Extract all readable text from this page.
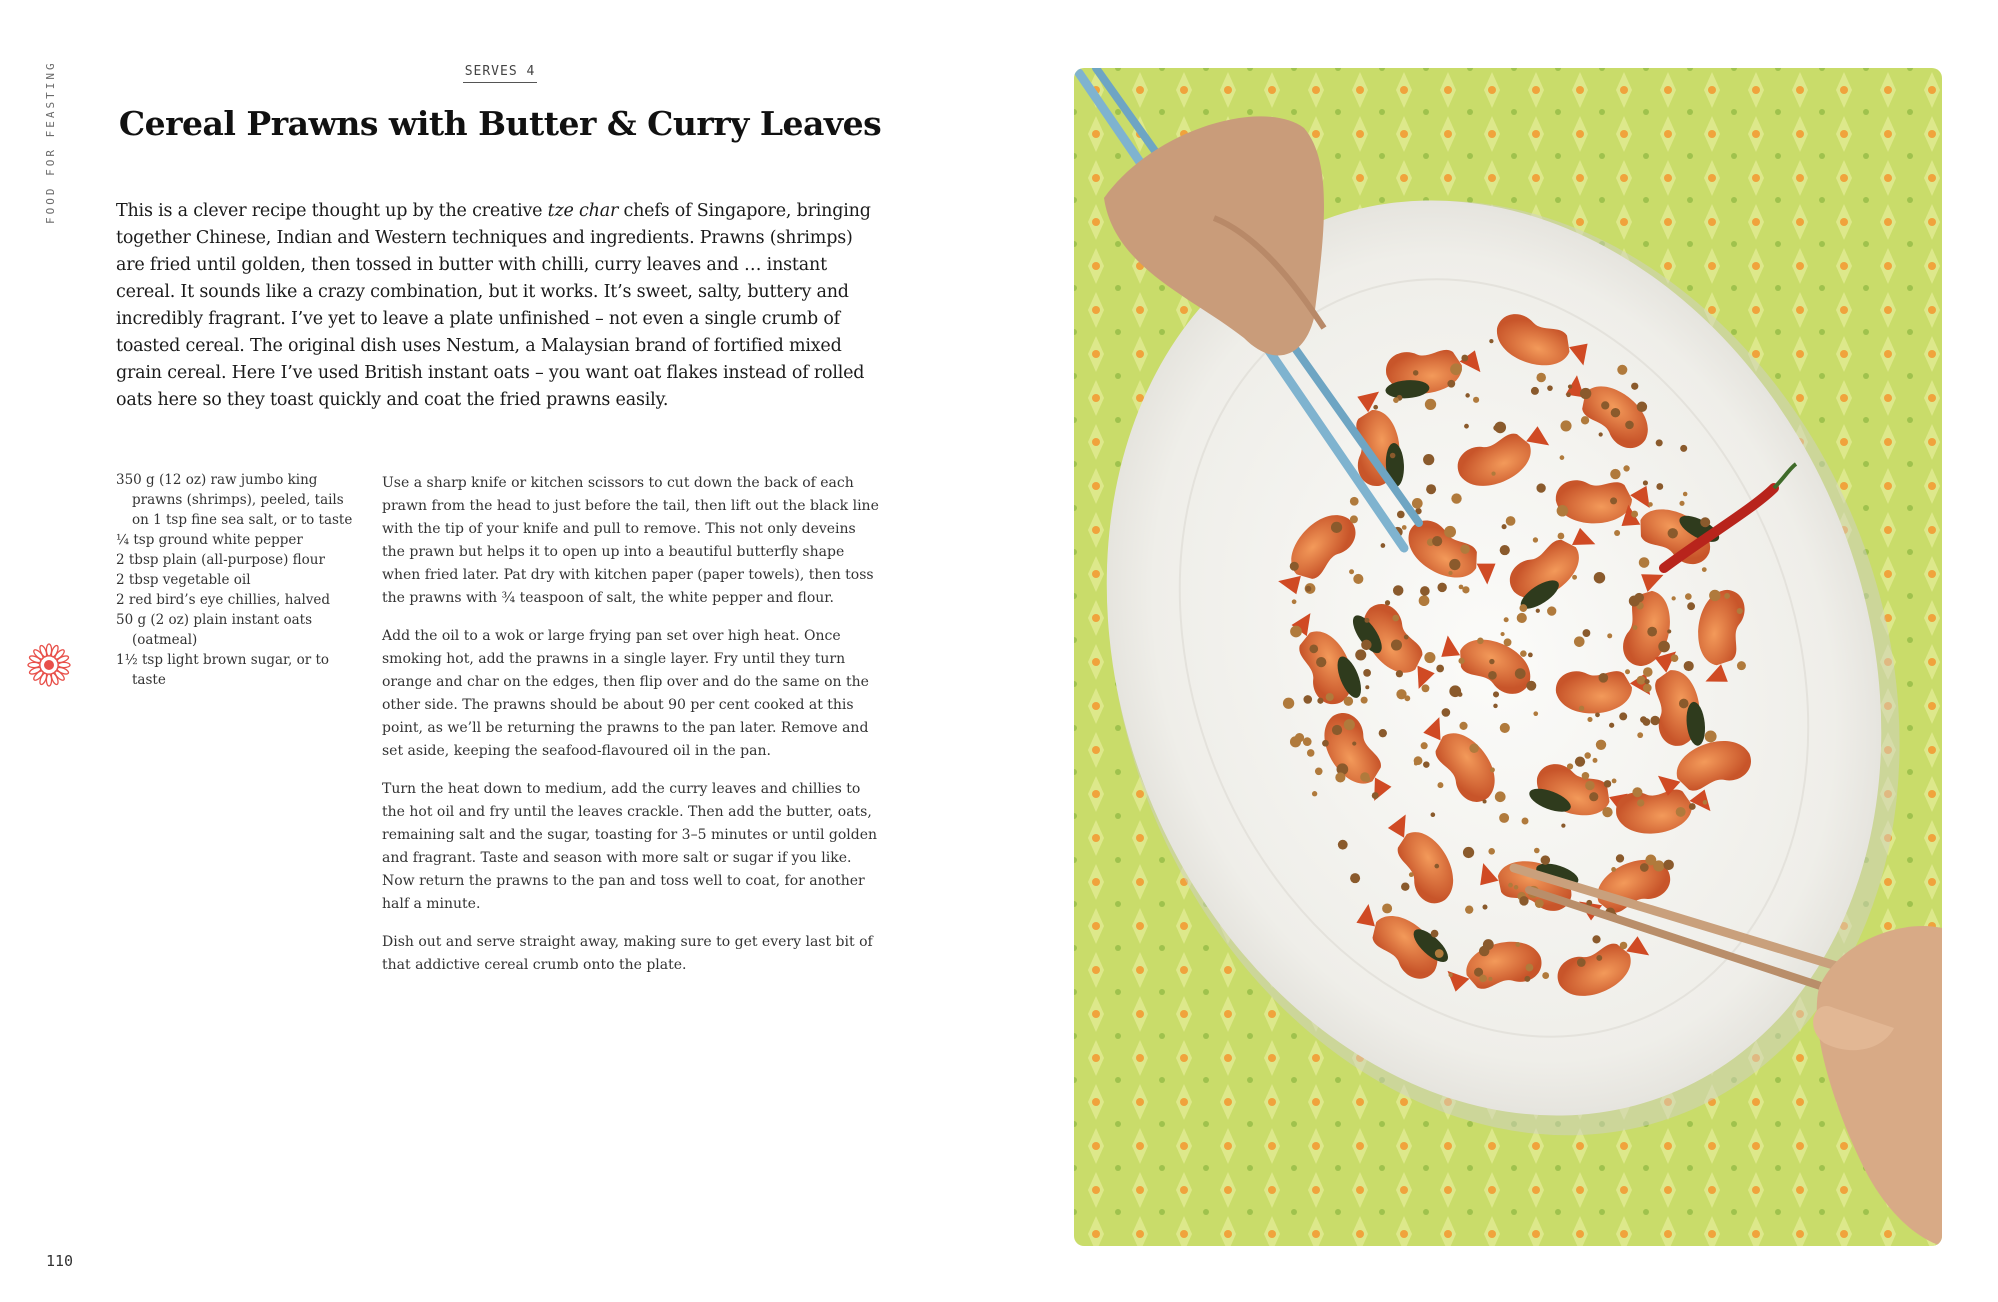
FOOD FOR FEASTING	SERVES 4
Cereal Prawns with Butter & Curry Leaves

This is a clever recipe thought up by the creative tze char chefs of Singapore, bringing together Chinese, Indian and Western techniques and ingredients. Prawns (shrimps) are fried until golden, then tossed in butter with chilli, curry leaves and … instant cereal. It sounds like a crazy combination, but it works. It’s sweet, salty, buttery and incredibly fragrant. I’ve yet to leave a plate unfinished – not even a single crumb of toasted cereal. The original dish uses Nestum, a Malaysian brand of fortified mixed grain cereal. Here I’ve used British instant oats – you want oat flakes instead of rolled oats here so they toast quickly and coat the fried prawns easily.

350 g (12 oz) raw jumbo king prawns (shrimps), peeled, tails on 1 tsp fine sea salt, or to taste
¼ tsp ground white pepper
2 tbsp plain (all-purpose) flour
2 tbsp vegetable oil
2 red bird’s eye chillies, halved
50 g (2 oz) plain instant oats (oatmeal)
1½ tsp light brown sugar, or to taste

Use a sharp knife or kitchen scissors to cut down the back of each prawn from the head to just before the tail, then lift out the black line with the tip of your knife and pull to remove. This not only deveins the prawn but helps it to open up into a beautiful butterfly shape when fried later. Pat dry with kitchen paper (paper towels), then toss the prawns with ¾ teaspoon of salt, the white pepper and flour.

Add the oil to a wok or large frying pan set over high heat. Once smoking hot, add the prawns in a single layer. Fry until they turn orange and char on the edges, then flip over and do the same on the other side. The prawns should be about 90 per cent cooked at this point, as we’ll be returning the prawns to the pan later. Remove and set aside, keeping the seafood-flavoured oil in the pan.

Turn the heat down to medium, add the curry leaves and chillies to the hot oil and fry until the leaves crackle. Then add the butter, oats, remaining salt and the sugar, toasting for 3–5 minutes or until golden and fragrant. Taste and season with more salt or sugar if you like. Now return the prawns to the pan and toss well to coat, for another half a minute.

Dish out and serve straight away, making sure to get every last bit of that addictive cereal crumb onto the plate.

110
